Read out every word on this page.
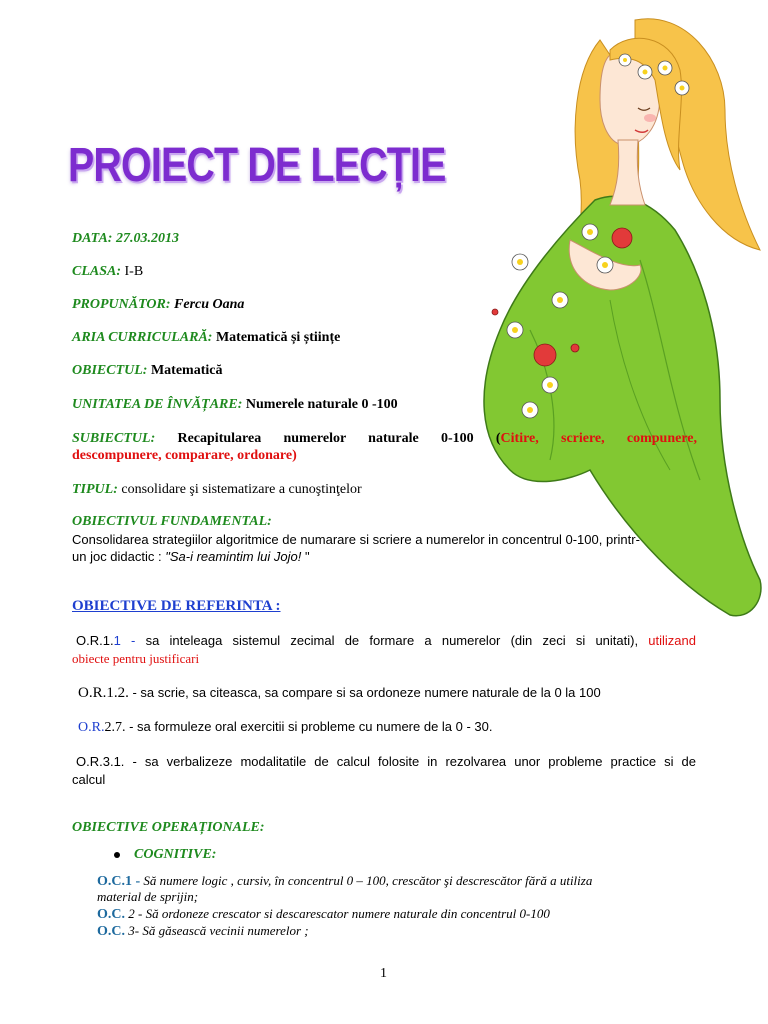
PROIECT DE LECȚIE
DATA: 27.03.2013
CLASA: I-B
PROPUNĂTOR: Fercu Oana
ARIA CURRICULARĂ: Matematică și științe
OBIECTUL: Matematică
UNITATEA DE ÎNVĂȚARE: Numerele naturale 0 -100
SUBIECTUL: Recapitularea numerelor naturale 0-100 (Citire, scriere, compunere,
descompunere, comparare, ordonare)
TIPUL: consolidare şi sistematizare a cunoştinţelor
OBIECTIVUL FUNDAMENTAL:
Consolidarea strategiilor algoritmice de numarare si scriere a numerelor in concentrul 0-100, printr-
un joc didactic : "Sa-i reamintim lui Jojo! "
OBIECTIVE DE REFERINTA :
O.R.1.1 - sa inteleaga sistemul zecimal de formare a numerelor (din zeci si unitati), utilizand
obiecte pentru justificari
O.R.1.2. - sa scrie, sa citeasca, sa compare si sa ordoneze numere naturale de la 0 la 100
O.R.2.7. - sa formuleze oral exercitii si probleme cu numere de la 0 - 30.
O.R.3.1. - sa verbalizeze modalitatile de calcul folosite in rezolvarea unor probleme practice si de
calcul
OBIECTIVE OPERAȚIONALE:
COGNITIVE:
O.C.1 - Să numere logic , cursiv, în concentrul 0 – 100, crescător şi descrescător fără a utiliza
material de sprijin;
O.C. 2 - Să ordoneze crescator si descarescator numere naturale din concentrul 0-100
O.C. 3- Să găsească vecinii numerelor ;
1
